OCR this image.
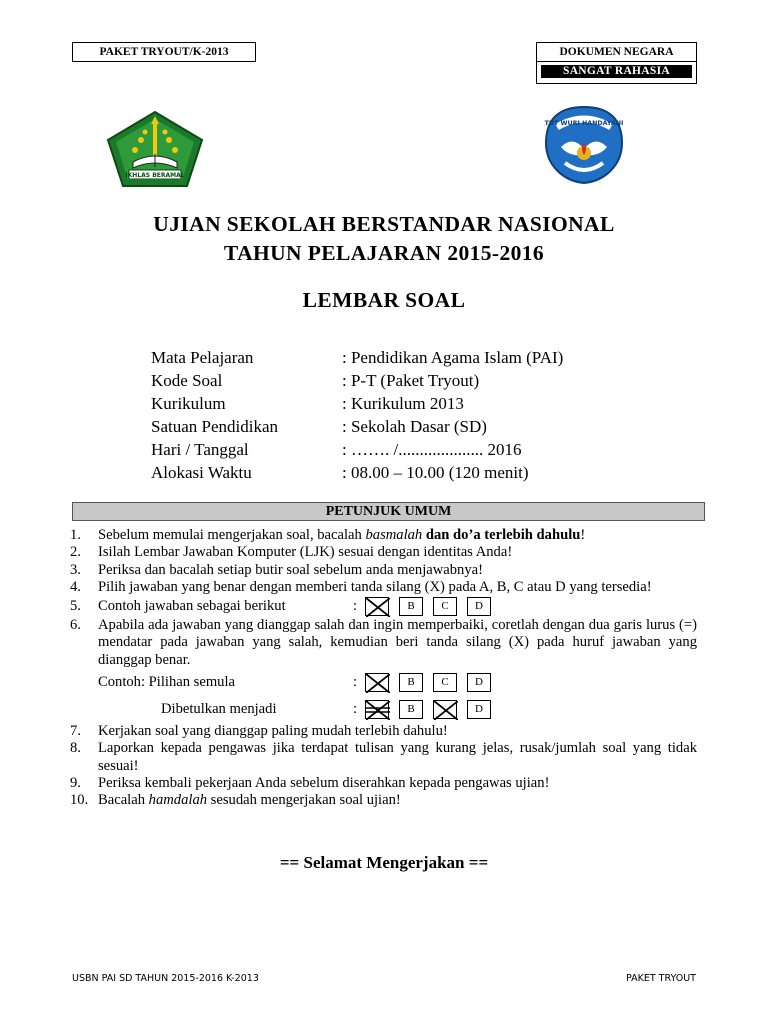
PAKET TRYOUT/K-2013	DOKUMEN NEGARA
SANGAT RAHASIA
IKHLAS BERAMAL
TUT WURI HANDAYANI
UJIAN SEKOLAH BERSTANDAR NASIONAL
TAHUN PELAJARAN 2015-2016
LEMBAR SOAL
Mata Pelajaran	: Pendidikan Agama Islam (PAI)
Kode Soal	: P-T (Paket Tryout)
Kurikulum	: Kurikulum 2013
Satuan Pendidikan	: Sekolah Dasar (SD)
Hari / Tanggal	: ……. /.................... 2016
Alokasi Waktu	: 08.00 – 10.00 (120 menit)
PETUNJUK UMUM
1.	Sebelum memulai mengerjakan soal, bacalah basmalah dan do’a terlebih dahulu!
2.	Isilah Lembar Jawaban Komputer (LJK) sesuai dengan identitas Anda!
3.	Periksa dan bacalah setiap butir soal sebelum anda menjawabnya!
4.	Pilih jawaban yang benar dengan memberi tanda silang (X) pada A, B, C atau D yang tersedia!
5.	Contoh jawaban sebagai berikut	:	B	C	D
6.	Apabila ada jawaban yang dianggap salah dan ingin memperbaiki, coretlah dengan dua garis lurus (=) mendatar pada jawaban yang salah, kemudian beri tanda silang (X) pada huruf jawaban yang dianggap benar.
Contoh: Pilihan semula	:	B	C	D
Dibetulkan menjadi	:	B	D
7.	Kerjakan soal yang dianggap paling mudah terlebih dahulu!
8.	Laporkan kepada pengawas jika terdapat tulisan yang kurang jelas, rusak/jumlah soal yang tidak sesuai!
9.	Periksa kembali pekerjaan Anda sebelum diserahkan kepada pengawas ujian!
10. Bacalah hamdalah sesudah mengerjakan soal ujian!
== Selamat Mengerjakan ==
USBN PAI SD TAHUN 2015-2016 K-2013	PAKET TRYOUT
